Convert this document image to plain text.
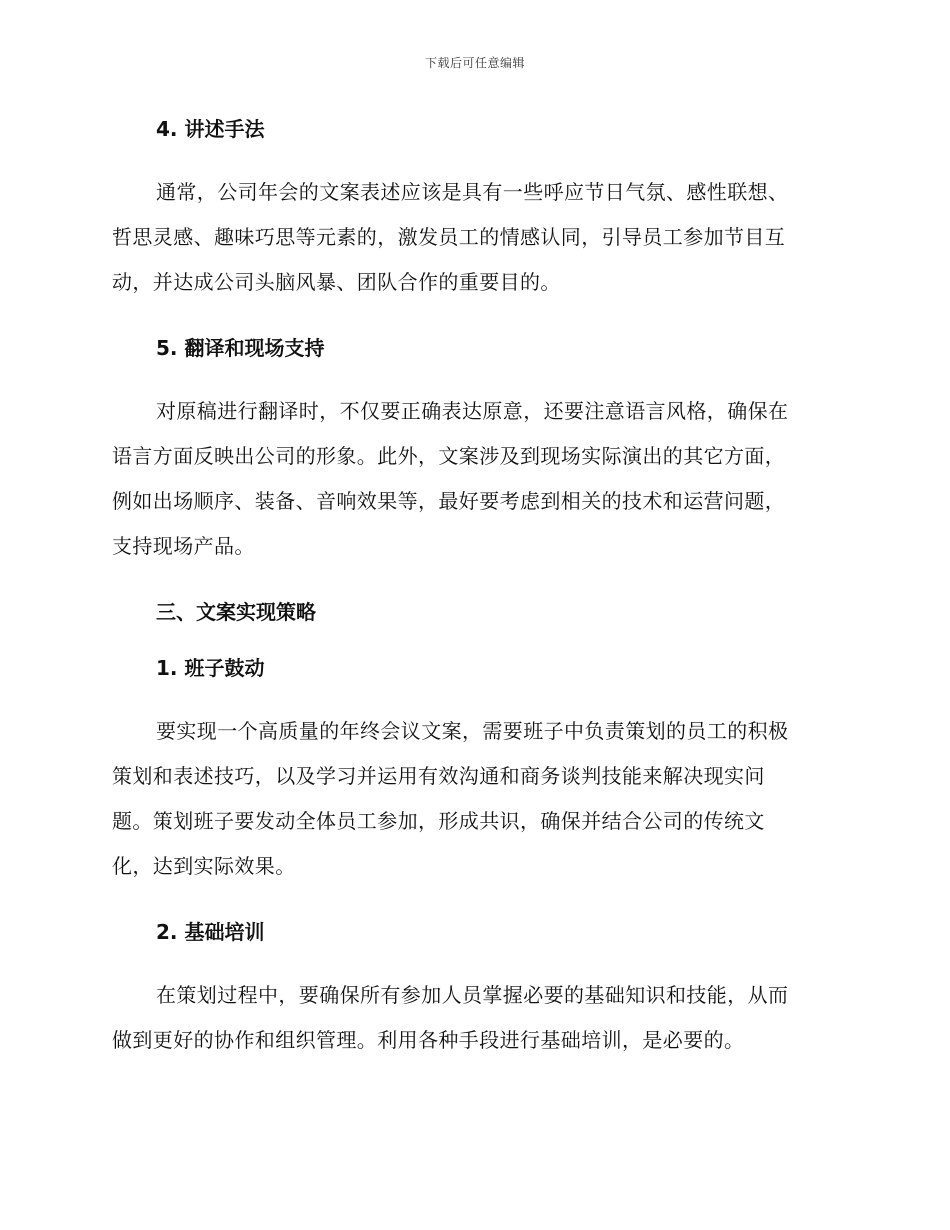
下载后可任意编辑
4. 讲述手法

通常，公司年会的文案表述应该是具有一些呼应节日气氛、感性联想、
哲思灵感、趣味巧思等元素的，激发员工的情感认同，引导员工参加节目互
动，并达成公司头脑风暴、团队合作的重要目的。

5. 翻译和现场支持

对原稿进行翻译时，不仅要正确表达原意，还要注意语言风格，确保在
语言方面反映出公司的形象。此外，文案涉及到现场实际演出的其它方面，
例如出场顺序、装备、音响效果等，最好要考虑到相关的技术和运营问题，
支持现场产品。

三、文案实现策略
1. 班子鼓动

要实现一个高质量的年终会议文案，需要班子中负责策划的员工的积极
策划和表述技巧，以及学习并运用有效沟通和商务谈判技能来解决现实问
题。策划班子要发动全体员工参加，形成共识，确保并结合公司的传统文
化，达到实际效果。

2. 基础培训

在策划过程中，要确保所有参加人员掌握必要的基础知识和技能，从而
做到更好的协作和组织管理。利用各种手段进行基础培训，是必要的。
